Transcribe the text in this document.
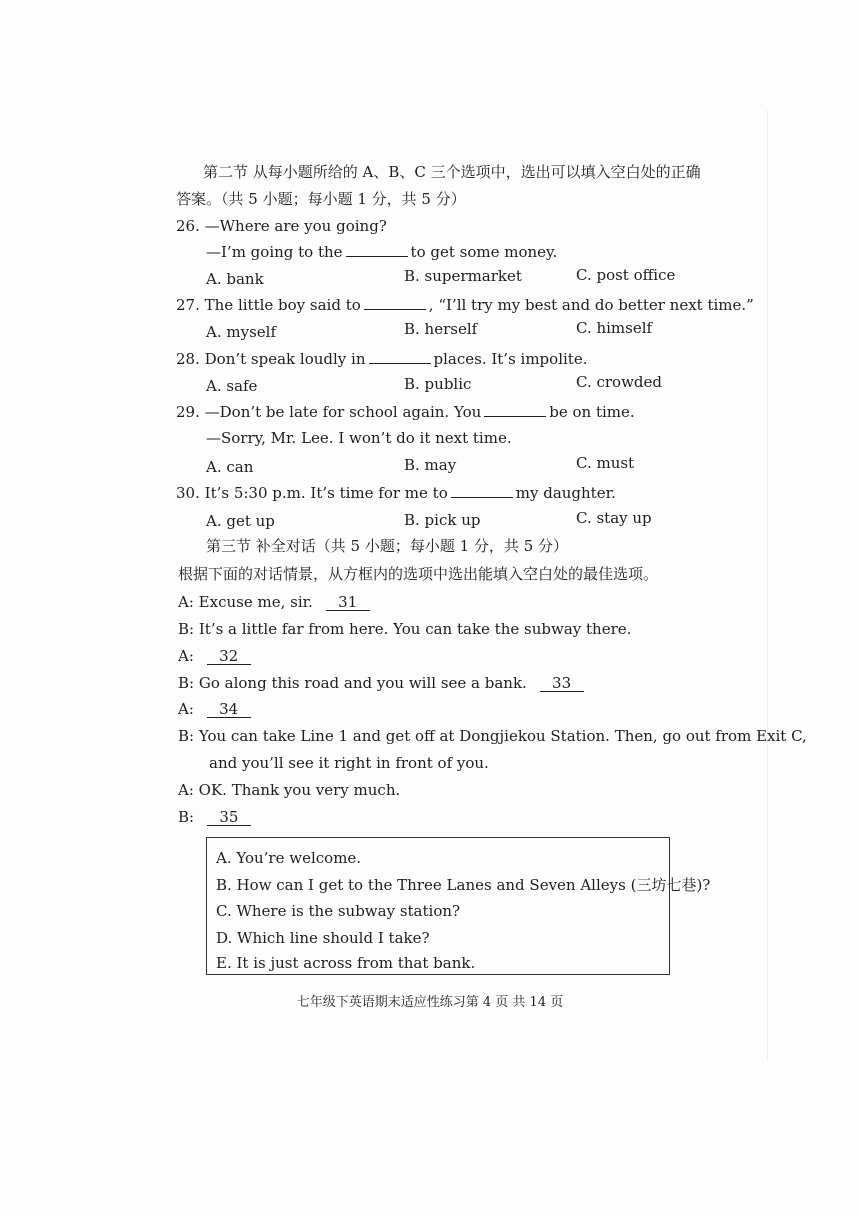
第二节 从每小题所给的 A、B、C 三个选项中，选出可以填入空白处的正确
答案。（共 5 小题；每小题 1 分，共 5 分）
26. —Where are you going?
—I’m going to the	to get some money.
A. bank	B. supermarket	C. post office
27. The little boy said to	, “I’ll try my best and do better next time.”
A. myself	B. herself	C. himself
28. Don’t speak loudly in	places. It’s impolite.
A. safe	B. public	C. crowded
29. —Don’t be late for school again. You	be on time.
—Sorry, Mr. Lee. I won’t do it next time.
A. can	B. may	C. must
30. It’s 5:30 p.m. It’s time for me to	my daughter.
A. get up	B. pick up	C. stay up
第三节 补全对话（共 5 小题；每小题 1 分，共 5 分）
根据下面的对话情景，从方框内的选项中选出能填入空白处的最佳选项。
A: Excuse me, sir. 31
B: It’s a little far from here. You can take the subway there.
A: 32
B: Go along this road and you will see a bank. 33
A: 34
B: You can take Line 1 and get off at Dongjiekou Station. Then, go out from Exit C,
and you’ll see it right in front of you.
A: OK. Thank you very much.
B: 35
A. You’re welcome.
B. How can I get to the Three Lanes and Seven Alleys (三坊七巷)?
C. Where is the subway station?
D. Which line should I take?
E. It is just across from that bank.
七年级下英语期末适应性练习第 4 页 共 14 页
